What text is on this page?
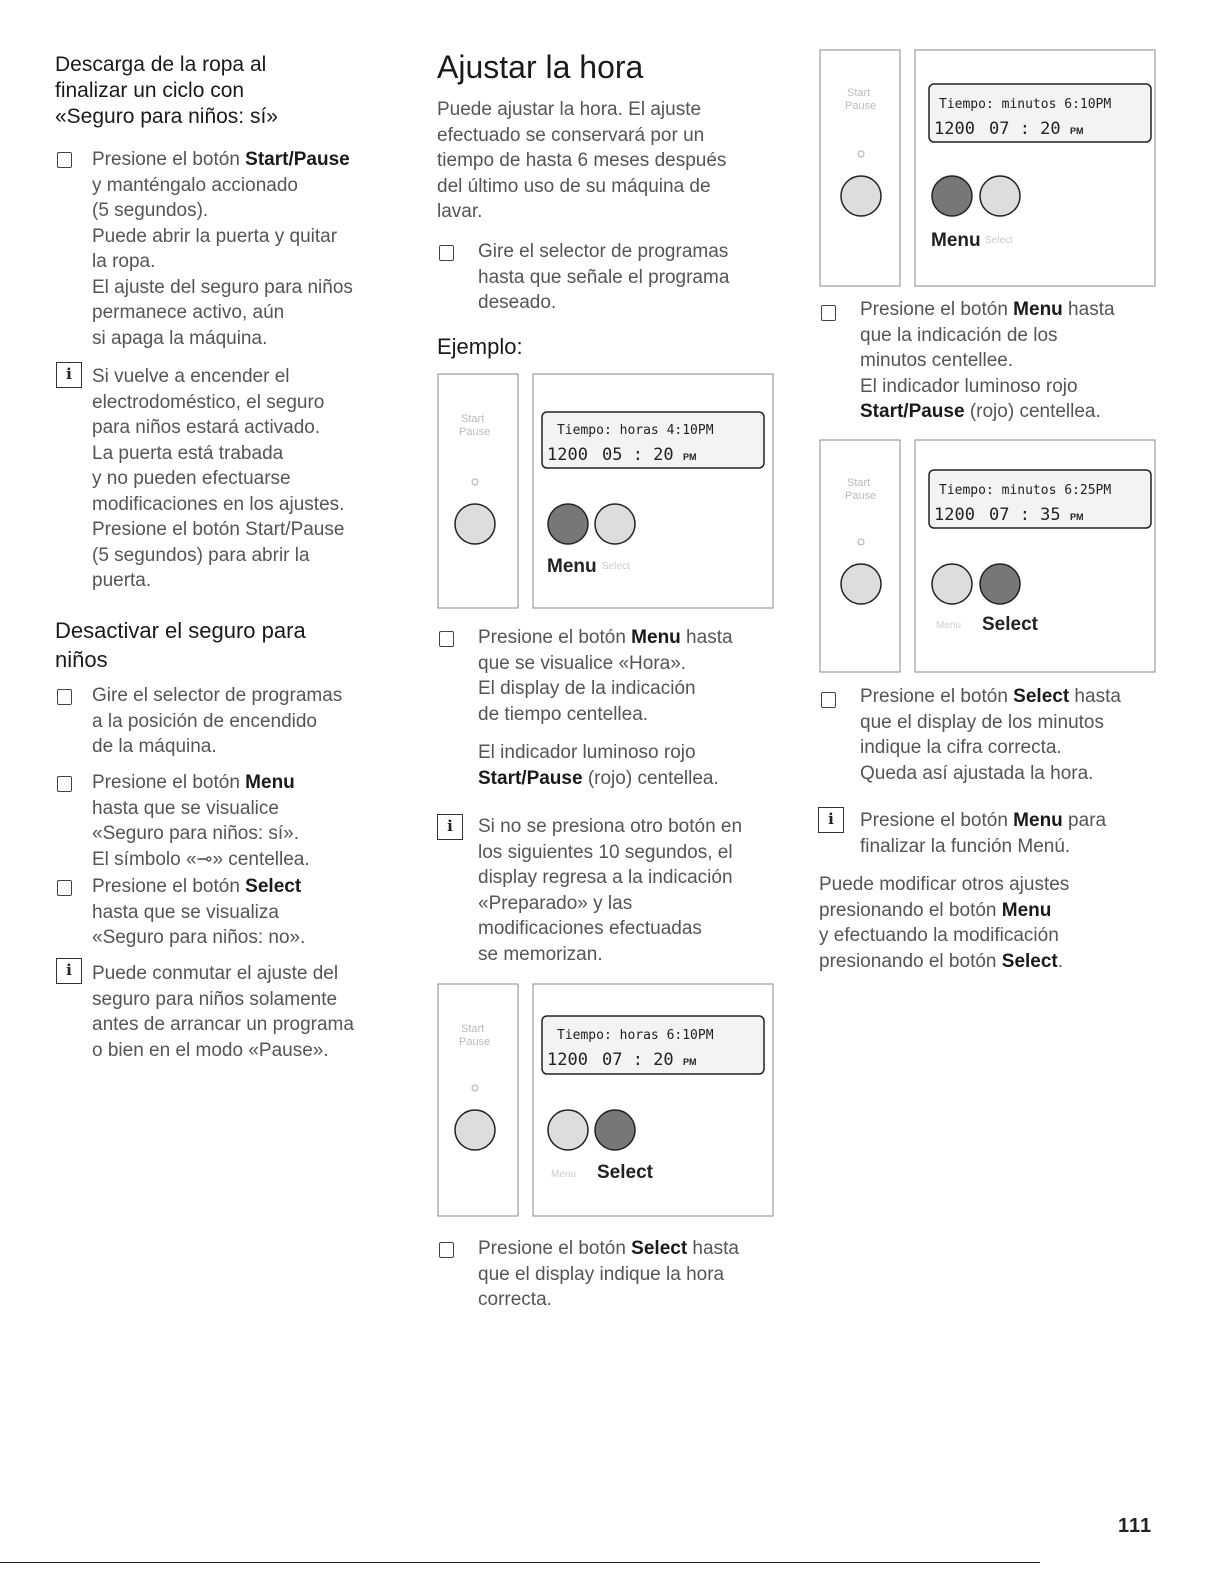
Descarga de la ropa al
finalizar un ciclo con
«Seguro para niños: sí»
Presione el botón Start/Pause
y manténgalo accionado
(5 segundos).
Puede abrir la puerta y quitar
la ropa.
El ajuste del seguro para niños
permanece activo, aún
si apaga la máquina.
i	Si vuelve a encender el
electrodoméstico, el seguro
para niños estará activado.
La puerta está trabada
y no pueden efectuarse
modificaciones en los ajustes.
Presione el botón Start/Pause
(5 segundos) para abrir la
puerta.
Desactivar el seguro para
niños
Gire el selector de programas
a la posición de encendido
de la máquina.
Presione el botón Menu
hasta que se visualice
«Seguro para niños: sí».
El símbolo «⊸» centellea.
Presione el botón Select
hasta que se visualiza
«Seguro para niños: no».
i	Puede conmutar el ajuste del
seguro para niños solamente
antes de arrancar un programa
o bien en el modo «Pause».
Ajustar la hora
Puede ajustar la hora. El ajuste
efectuado se conservará por un
tiempo de hasta 6 meses después
del último uso de su máquina de
lavar.
Gire el selector de programas
hasta que señale el programa
deseado.
Ejemplo:
Start
Pause	Tiempo: horas 4:10PM
1200 05 : 20 PM
Menu Select
Presione el botón Menu hasta
que se visualice «Hora».
El display de la indicación
de tiempo centellea.
El indicador luminoso rojo
Start/Pause (rojo) centellea.
i	Si no se presiona otro botón en
los siguientes 10 segundos, el
display regresa a la indicación
«Preparado» y las
modificaciones efectuadas
se memorizan.
Start
Pause	Tiempo: horas 6:10PM
1200 07 : 20 PM
Menu Select
Presione el botón Select hasta
que el display indique la hora
correcta.
Start
Pause	Tiempo: minutos 6:10PM
1200 07 : 20 PM
Menu Select
Presione el botón Menu hasta
que la indicación de los
minutos centellee.
El indicador luminoso rojo
Start/Pause (rojo) centellea.
Start
Pause	Tiempo: minutos 6:25PM
1200 07 : 35 PM
Menu Select
Presione el botón Select hasta
que el display de los minutos
indique la cifra correcta.
Queda así ajustada la hora.
i	Presione el botón Menu para
finalizar la función Menú.
Puede modificar otros ajustes
presionando el botón Menu
y efectuando la modificación
presionando el botón Select.
111
